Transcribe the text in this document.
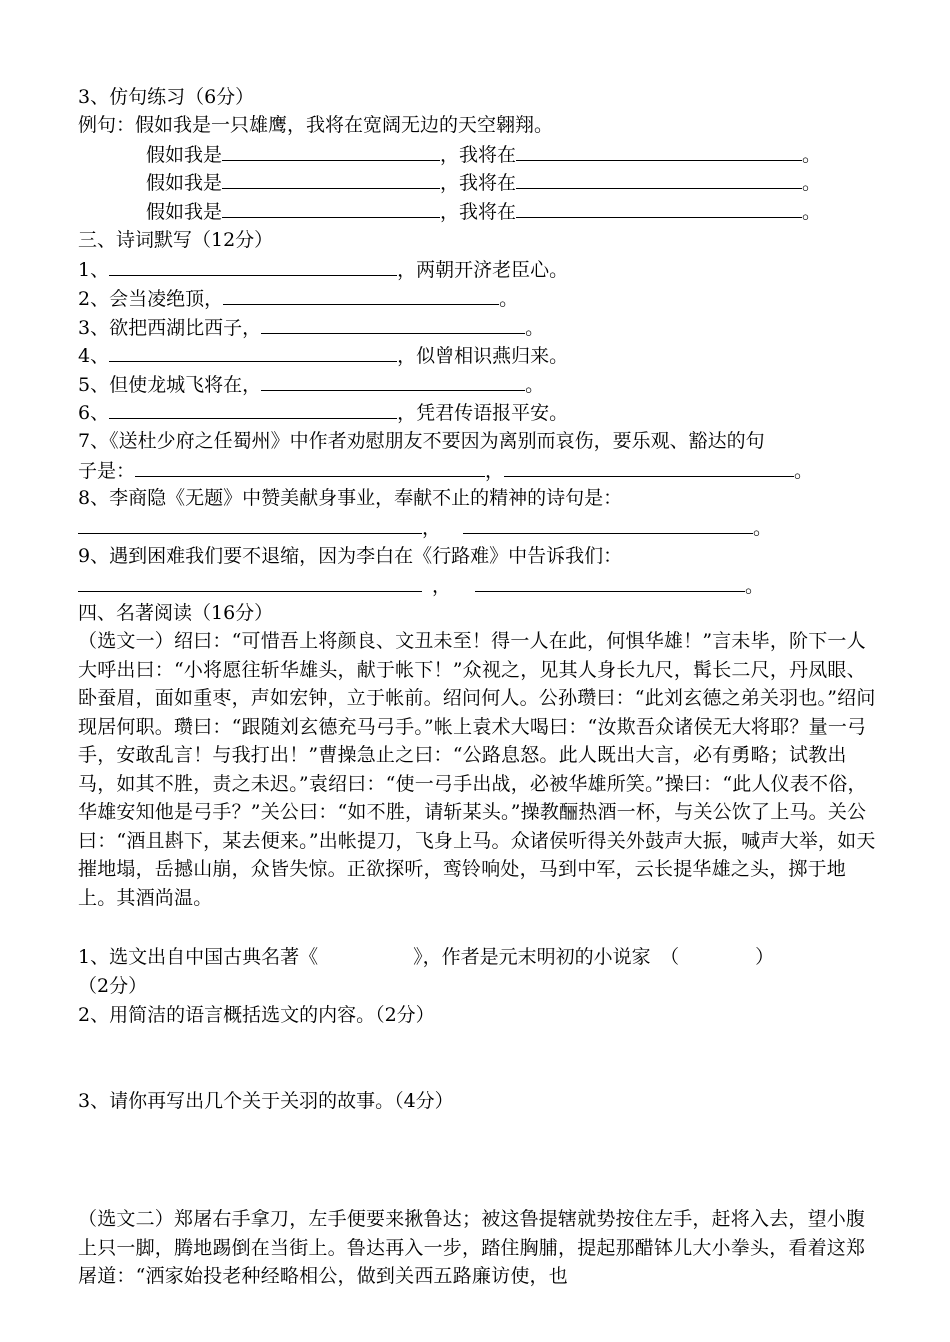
3、仿句练习（6分）
例句：假如我是一只雄鹰，我将在宽阔无边的天空翱翔。
假如我是	，我将在	。
假如我是	，我将在	。
假如我是	，我将在	。
三、诗词默写（12分）
1、	，两朝开济老臣心。
2、会当凌绝顶，	。
3、欲把西湖比西子，	。
4、	，似曾相识燕归来。
5、但使龙城飞将在，	。
6、	，凭君传语报平安。
7、《送杜少府之任蜀州》中作者劝慰朋友不要因为离别而哀伤，要乐观、豁达的句
子是：	，	。
8、李商隐《无题》中赞美献身事业，奉献不止的精神的诗句是：
，	。
9、遇到困难我们要不退缩，因为李白在《行路难》中告诉我们：
，	。
四、名著阅读（16分）
（选文一）绍曰：“可惜吾上将颜良、文丑未至！得一人在此，何惧华雄！”言未毕，阶下一人大呼出曰：“小将愿往斩华雄头，献于帐下！”众视之，见其人身长九尺，髯长二尺，丹凤眼、卧蚕眉，面如重枣，声如宏钟，立于帐前。绍问何人。公孙瓒曰：“此刘玄德之弟关羽也。”绍问现居何职。瓒曰：“跟随刘玄德充马弓手。”帐上袁术大喝曰：“汝欺吾众诸侯无大将耶？量一弓手，安敢乱言！与我打出！”曹操急止之曰：“公路息怒。此人既出大言，必有勇略；试教出马，如其不胜，责之未迟。”袁绍曰：“使一弓手出战，必被华雄所笑。”操曰：“此人仪表不俗，华雄安知他是弓手？”关公曰：“如不胜，请斩某头。”操教酾热酒一杯，与关公饮了上马。关公曰：“酒且斟下，某去便来。”出帐提刀，飞身上马。众诸侯听得关外鼓声大振，喊声大举，如天摧地塌，岳撼山崩，众皆失惊。正欲探听，鸾铃响处，马到中军，云长提华雄之头，掷于地上。其酒尚温。
1、选文出自中国古典名著《　　　　　》，作者是元末明初的小说家　（　　　　）
（2分）
2、用简洁的语言概括选文的内容。（2分）
3、请你再写出几个关于关羽的故事。（4分）
（选文二）郑屠右手拿刀，左手便要来揪鲁达；被这鲁提辖就势按住左手，赶将入去，望小腹上只一脚，腾地踢倒在当街上。鲁达再入一步，踏住胸脯，提起那醋钵儿大小拳头，看着这郑屠道：“洒家始投老种经略相公，做到关西五路廉访使，也
